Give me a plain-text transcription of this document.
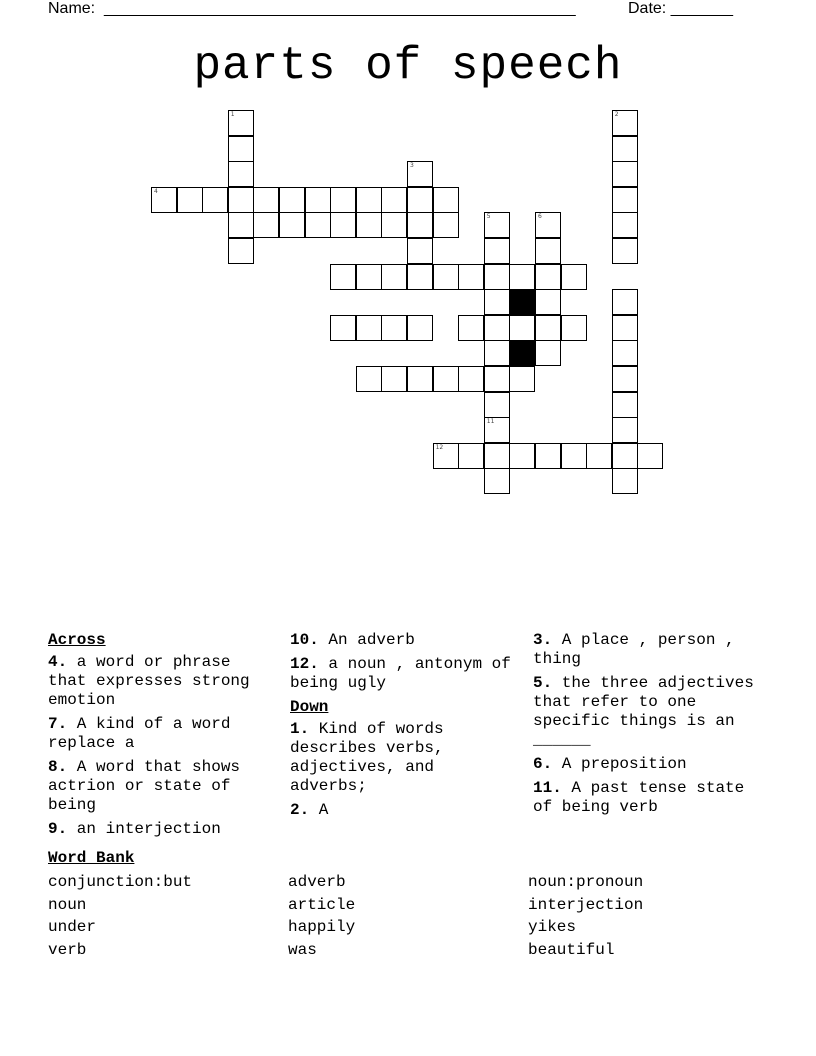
Name: _____________________________________________________	Date: _______
parts of speech
4
12
1	2
3
5	6
11
Across
4. a word or phrase that expresses strong emotion
7. A kind of a word replace a
8. A word that shows actrion or state of being
9. an interjection
10. An adverb
12. a noun , antonym of being ugly
Down
1. Kind of words describes verbs, adjectives, and adverbs;
2. A
3. A place , person , thing
5. the three adjectives that refer to one specific things is an ______
6. A preposition
11. A past tense state of being verb
Word Bank
conjunction:but	adverb	noun:pronoun
noun	article	interjection
under	happily	yikes
verb	was	beautiful
